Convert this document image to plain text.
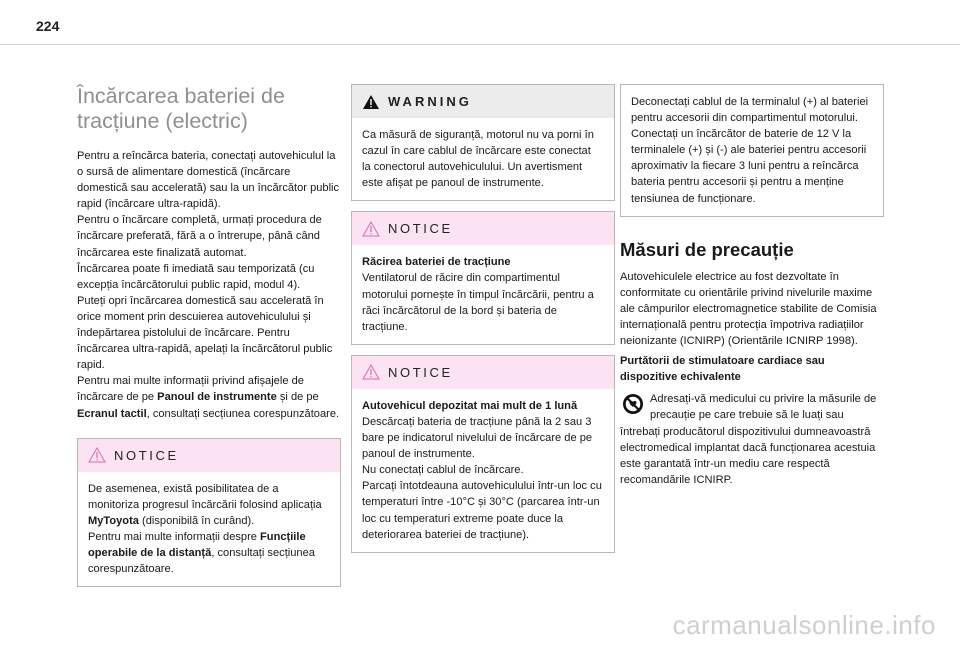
224
Încărcarea bateriei de tracțiune (electric)

Pentru a reîncărca bateria, conectați autovehiculul la o sursă de alimentare domestică (încărcare domestică sau accelerată) sau la un încărcător public rapid (încărcare ultra-rapidă).

Pentru o încărcare completă, urmați procedura de încărcare preferată, fără a o întrerupe, până când încărcarea este finalizată automat.

Încărcarea poate fi imediată sau temporizată (cu excepția încărcătorului public rapid, modul 4).

Puteți opri încărcarea domestică sau accelerată în orice moment prin descuierea autovehiculului și îndepărtarea pistolului de încărcare. Pentru încărcarea ultra-rapidă, apelați la încărcătorul public rapid.

Pentru mai multe informații privind afișajele de încărcare de pe Panoul de instrumente și de pe Ecranul tactil, consultați secțiunea corespunzătoare.

NOTICE

De asemenea, există posibilitatea de a monitoriza progresul încărcării folosind aplicația MyToyota (disponibilă în curând).

Pentru mai multe informații despre Funcțiile operabile de la distanță, consultați secțiunea corespunzătoare.

WARNING

Ca măsură de siguranță, motorul nu va porni în cazul în care cablul de încărcare este conectat la conectorul autovehiculului. Un avertisment este afișat pe panoul de instrumente.

NOTICE

Răcirea bateriei de tracțiune

Ventilatorul de răcire din compartimentul motorului pornește în timpul încărcării, pentru a răci încărcătorul de la bord și bateria de tracțiune.

NOTICE

Autovehicul depozitat mai mult de 1 lună

Descărcați bateria de tracțiune până la 2 sau 3 bare pe indicatorul nivelului de încărcare de pe panoul de instrumente.

Nu conectați cablul de încărcare.

Parcați întotdeauna autovehiculului într-un loc cu temperaturi între -10°C și 30°C (parcarea într-un loc cu temperaturi extreme poate duce la deteriorarea bateriei de tracțiune).

Deconectați cablul de la terminalul (+) al bateriei pentru accesorii din compartimentul motorului.

Conectați un încărcător de baterie de 12 V la terminalele (+) și (-) ale bateriei pentru accesorii aproximativ la fiecare 3 luni pentru a reîncărca bateria pentru accesorii și pentru a menține tensiunea de funcționare.

Măsuri de precauție

Autovehiculele electrice au fost dezvoltate în conformitate cu orientările privind nivelurile maxime ale câmpurilor electromagnetice stabilite de Comisia internațională pentru protecția împotriva radiațiilor neionizante (ICNIRP) (Orientările ICNIRP 1998).

Purtătorii de stimulatoare cardiace sau dispozitive echivalente

Adresați-vă medicului cu privire la măsurile de precauție pe care trebuie să le luați sau întrebați producătorul dispozitivului dumneavoastră electromedical implantat dacă funcționarea acestuia este garantată într-un mediu care respectă recomandările ICNIRP.
carmanualsonline.info
